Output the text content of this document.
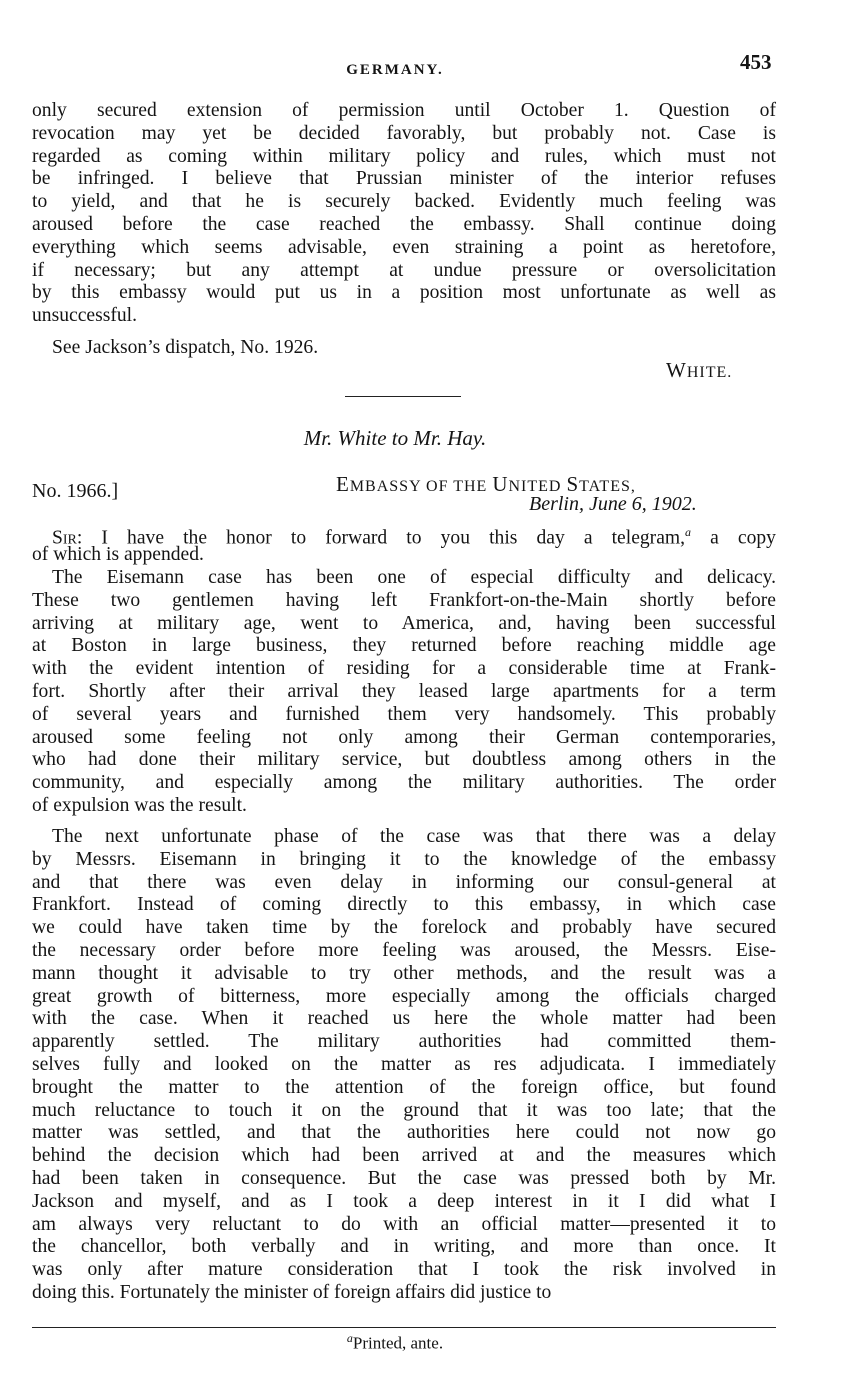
GERMANY.	453
only secured extension of permission until October 1. Question of
revocation may yet be decided favorably, but probably not. Case is
regarded as coming within military policy and rules, which must not
be infringed. I believe that Prussian minister of the interior refuses
to yield, and that he is securely backed. Evidently much feeling was
aroused before the case reached the embassy. Shall continue doing
everything which seems advisable, even straining a point as heretofore,
if necessary; but any attempt at undue pressure or oversolicitation
by this embassy would put us in a position most unfortunate as well as
unsuccessful.
See Jackson’s dispatch, No. 1926.
WHITE.
Mr. White to Mr. Hay.
No. 1966.]	EMBASSY OF THE UNITED STATES,
Berlin, June 6, 1902.
Sir: I have the honor to forward to you this day a telegram,$^a$ a copy
of which is appended.
The Eisemann case has been one of especial difficulty and delicacy.
These two gentlemen having left Frankfort-on-the-Main shortly before
arriving at military age, went to America, and, having been successful
at Boston in large business, they returned before reaching middle age
with the evident intention of residing for a considerable time at Frank-
fort. Shortly after their arrival they leased large apartments for a term
of several years and furnished them very handsomely. This probably
aroused some feeling not only among their German contemporaries,
who had done their military service, but doubtless among others in the
community, and especially among the military authorities. The order
of expulsion was the result.
The next unfortunate phase of the case was that there was a delay
by Messrs. Eisemann in bringing it to the knowledge of the embassy
and that there was even delay in informing our consul-general at
Frankfort. Instead of coming directly to this embassy, in which case
we could have taken time by the forelock and probably have secured
the necessary order before more feeling was aroused, the Messrs. Eise-
mann thought it advisable to try other methods, and the result was a
great growth of bitterness, more especially among the officials charged
with the case. When it reached us here the whole matter had been
apparently settled. The military authorities had committed them-
selves fully and looked on the matter as res adjudicata. I immediately
brought the matter to the attention of the foreign office, but found
much reluctance to touch it on the ground that it was too late; that the
matter was settled, and that the authorities here could not now go
behind the decision which had been arrived at and the measures which
had been taken in consequence. But the case was pressed both by Mr.
Jackson and myself, and as I took a deep interest in it I did what I
am always very reluctant to do with an official matter—presented it to
the chancellor, both verbally and in writing, and more than once. It
was only after mature consideration that I took the risk involved in
doing this. Fortunately the minister of foreign affairs did justice to
$^a$Printed, ante.
